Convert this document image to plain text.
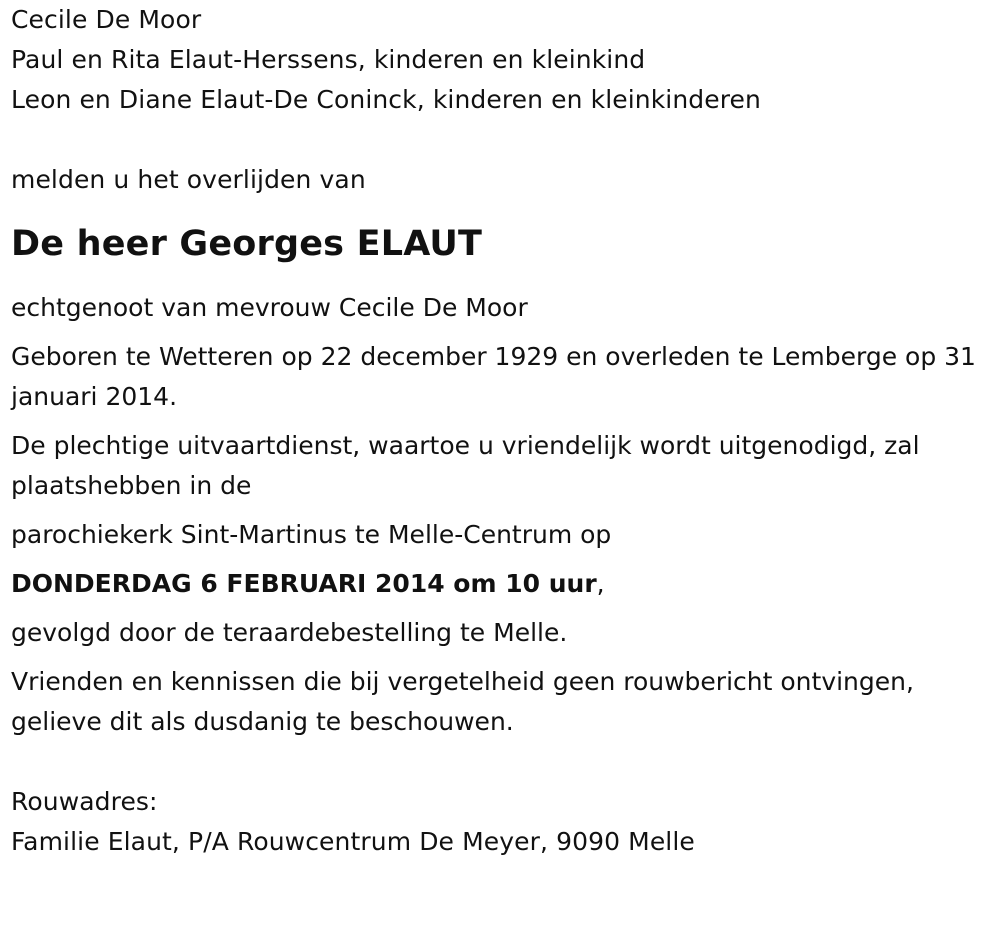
Cecile De Moor

Paul en Rita Elaut-Herssens, kinderen en kleinkind

Leon en Diane Elaut-De Coninck, kinderen en kleinkinderen

melden u het overlijden van

De heer Georges ELAUT

echtgenoot van mevrouw Cecile De Moor

Geboren te Wetteren op 22 december 1929 en overleden te Lemberge op 31 januari 2014.

De plechtige uitvaartdienst, waartoe u vriendelijk wordt uitgenodigd, zal plaatshebben in de

parochiekerk Sint-Martinus te Melle-Centrum op

DONDERDAG 6 FEBRUARI 2014 om 10 uur,

gevolgd door de teraardebestelling te Melle.

Vrienden en kennissen die bij vergetelheid geen rouwbericht ontvingen, gelieve dit als dusdanig te beschouwen.

Rouwadres:

Familie Elaut, P/A Rouwcentrum De Meyer, 9090 Melle
